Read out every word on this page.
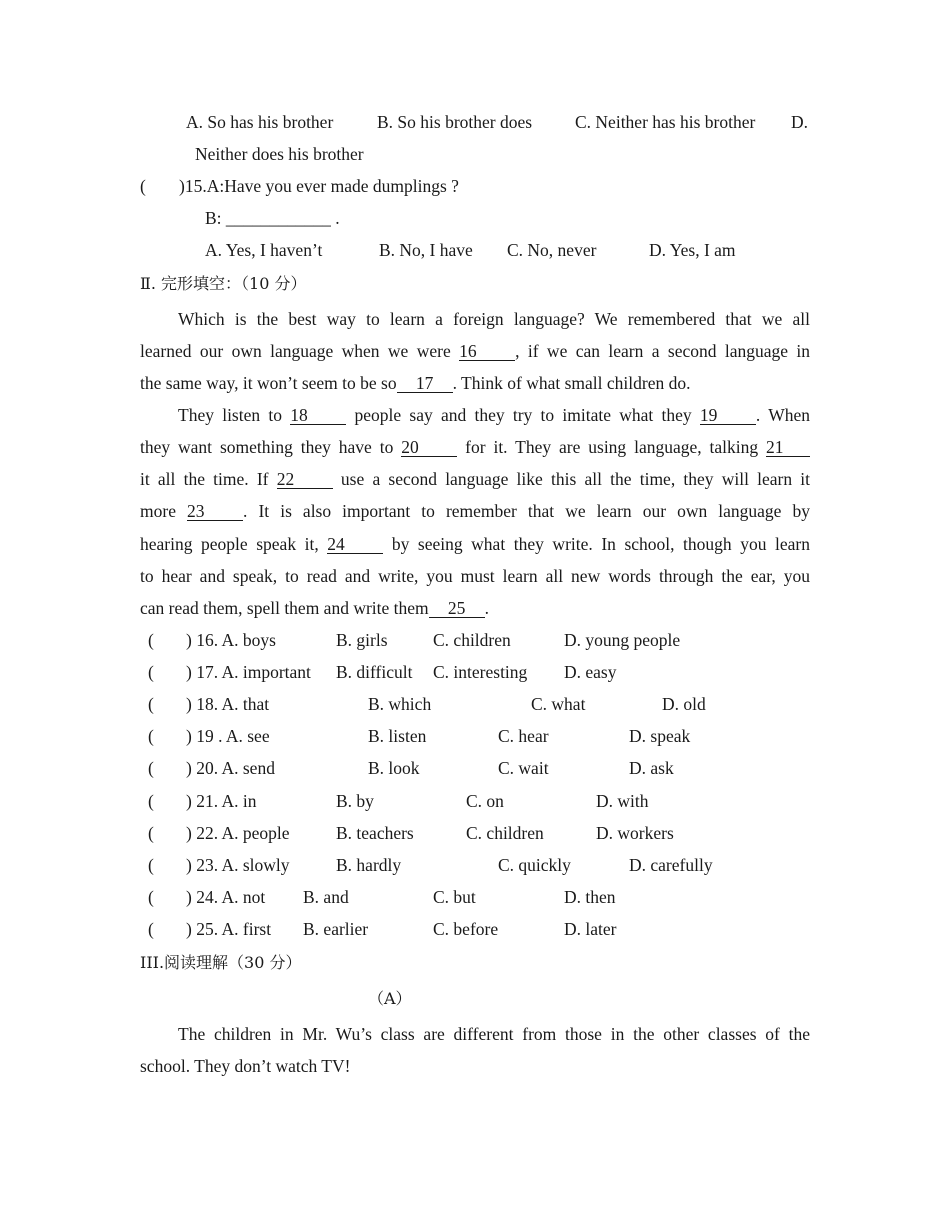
A. So has his brother B. So his brother does C. Neither has his brother D.
Neither does his brother
( )15.A:Have you ever made dumplings ?
B: ____________ .
A. Yes, I haven’t	B. No, I have C. No, never	D. Yes, I am
Ⅱ. 完形填空：（10 分）
Which is the best way to learn a foreign language? We remembered that we all
learned our own language when we were 16 , if we can learn a second language in
the same way, it won’t seem to be so 17 . Think of what small children do.
They listen to 18	people say and they try to imitate what they 19 . When
they want something they have to 20	for it. They are using language, talking 21
it all the time. If 22	use a second language like this all the time, they will learn it
more 23 . It is also important to remember that we learn our own language by
hearing people speak it, 24	by seeing what they write. In school, though you learn
to hear and speak, to read and write, you must learn all new words through the ear, you
can read them, spell them and write them 25 .
( ) 16. A. boys	B. girls	C. children	D. young people
( ) 17. A. important B. difficult C. interesting D. easy
( ) 18. A. that	B. which	C. what	D. old
( ) 19 . A. see	B. listen	C. hear	D. speak
( ) 20. A. send	B. look	C. wait	D. ask
( ) 21. A. in	B. by	C. on	D. with
( ) 22. A. people	B. teachers	C. children	D. workers
( ) 23. A. slowly	B. hardly	C. quickly	D. carefully
( ) 24. A. not B. and	C. but	D. then
( ) 25. A. first B. earlier	C. before	D. later
III.阅读理解（30 分）
（A）
The children in Mr. Wu’s class are different from those in the other classes of the
school. They don’t watch TV!
